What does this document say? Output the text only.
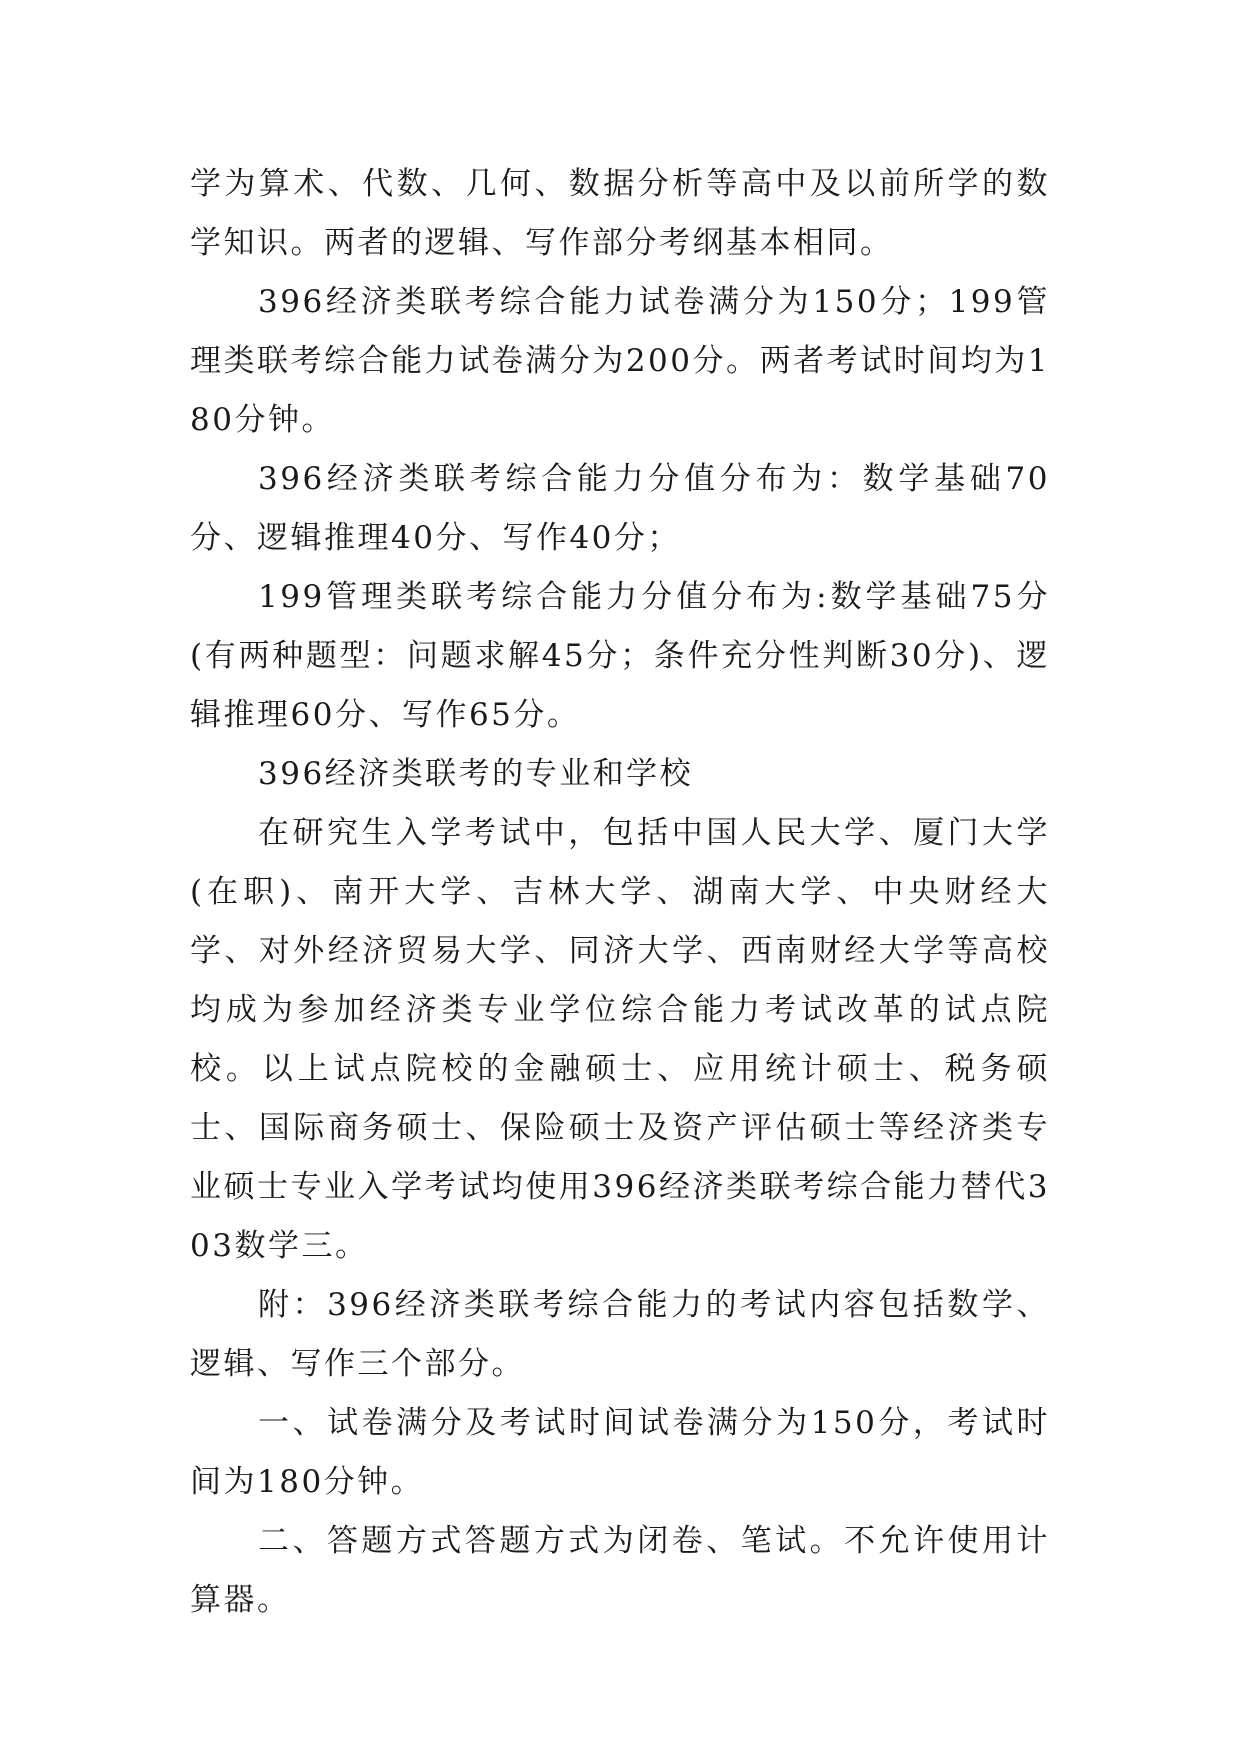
学为算术、代数、几何、数据分析等高中及以前所学的数学知识。两者的逻辑、写作部分考纲基本相同。

396经济类联考综合能力试卷满分为150分；199管理类联考综合能力试卷满分为200分。两者考试时间均为180分钟。

396经济类联考综合能力分值分布为：数学基础70分、逻辑推理40分、写作40分；

199管理类联考综合能力分值分布为:数学基础75分(有两种题型：问题求解45分；条件充分性判断30分)、逻辑推理60分、写作65分。

396经济类联考的专业和学校

在研究生入学考试中，包括中国人民大学、厦门大学(在职)、南开大学、吉林大学、湖南大学、中央财经大学、对外经济贸易大学、同济大学、西南财经大学等高校均成为参加经济类专业学位综合能力考试改革的试点院校。以上试点院校的金融硕士、应用统计硕士、税务硕士、国际商务硕士、保险硕士及资产评估硕士等经济类专业硕士专业入学考试均使用396经济类联考综合能力替代303数学三。

附：396经济类联考综合能力的考试内容包括数学、逻辑、写作三个部分。

一、试卷满分及考试时间试卷满分为150分，考试时间为180分钟。

二、答题方式答题方式为闭卷、笔试。不允许使用计算器。
